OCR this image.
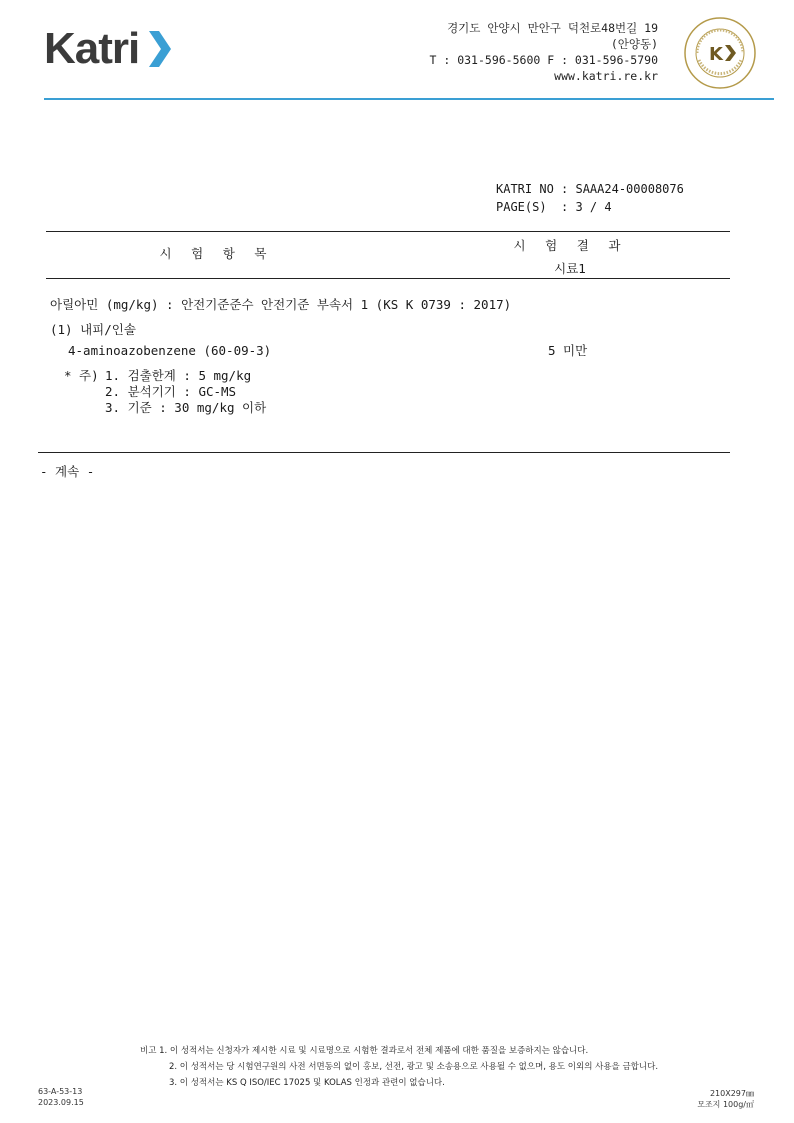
Katri	경기도 안양시 만안구 덕천로48번길 19
(안양동)
T : 031-596-5600 F : 031-596-5790
www.katri.re.kr
K
KATRI NO : SAAA24-00008076
PAGE(S)  : 3 / 4
시 험 항 목
시 험 결 과
시료1
아릴아민 (mg/kg) : 안전기준준수 안전기준 부속서 1 (KS K 0739 : 2017)
(1) 내피/인솔
4-aminoazobenzene (60-09-3)	5 미만
* 주) 1. 검출한계 : 5 mg/kg
2. 분석기기 : GC-MS
3. 기준 : 30 mg/kg 이하
- 계속 -
비고 1. 이 성적서는 신청자가 제시한 시료 및 시료명으로 시험한 결과로서 전체 제품에 대한 품질을 보증하지는 않습니다.
2. 이 성적서는 당 시험연구원의 사전 서면동의 없이 홍보, 선전, 광고 및 소송용으로 사용될 수 없으며, 용도 이외의 사용을 금합니다.
3. 이 성적서는 KS Q ISO/IEC 17025 및 KOLAS 인정과 관련이 없습니다.
63-A-53-13
2023.09.15
210X297㎜
모조지 100g/㎡
